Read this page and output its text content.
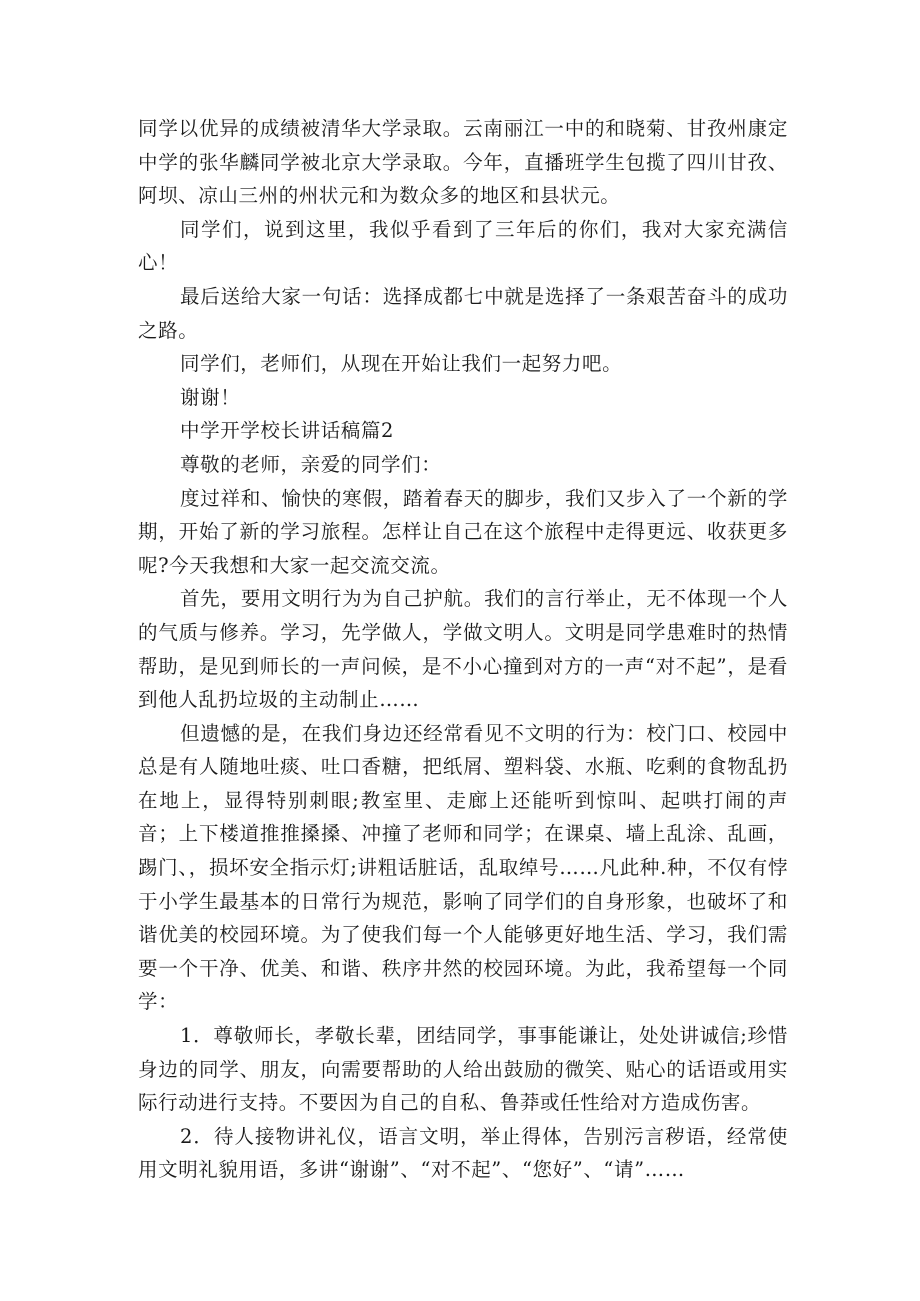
同学以优异的成绩被清华大学录取。云南丽江一中的和晓菊、甘孜州康定中学的张华麟同学被北京大学录取。今年，直播班学生包揽了四川甘孜、阿坝、凉山三州的州状元和为数众多的地区和县状元。

同学们，说到这里，我似乎看到了三年后的你们，我对大家充满信心！

最后送给大家一句话：选择成都七中就是选择了一条艰苦奋斗的成功之路。

同学们，老师们，从现在开始让我们一起努力吧。

谢谢！

中学开学校长讲话稿篇2

尊敬的老师，亲爱的同学们：

度过祥和、愉快的寒假，踏着春天的脚步，我们又步入了一个新的学期，开始了新的学习旅程。怎样让自己在这个旅程中走得更远、收获更多呢?今天我想和大家一起交流交流。

首先，要用文明行为为自己护航。我们的言行举止，无不体现一个人的气质与修养。学习，先学做人，学做文明人。文明是同学患难时的热情帮助，是见到师长的一声问候，是不小心撞到对方的一声“对不起”，是看到他人乱扔垃圾的主动制止……

但遗憾的是，在我们身边还经常看见不文明的行为：校门口、校园中总是有人随地吐痰、吐口香糖，把纸屑、塑料袋、水瓶、吃剩的食物乱扔在地上，显得特别刺眼;教室里、走廊上还能听到惊叫、起哄打闹的声音；上下楼道推推搡搡、冲撞了老师和同学；在课桌、墙上乱涂、乱画，踢门、，损坏安全指示灯;讲粗话脏话，乱取绰号……凡此种.种，不仅有悖于小学生最基本的日常行为规范，影响了同学们的自身形象，也破坏了和谐优美的校园环境。为了使我们每一个人能够更好地生活、学习，我们需要一个干净、优美、和谐、秩序井然的校园环境。为此，我希望每一个同学：

1．尊敬师长，孝敬长辈，团结同学，事事能谦让，处处讲诚信;珍惜身边的同学、朋友，向需要帮助的人给出鼓励的微笑、贴心的话语或用实际行动进行支持。不要因为自己的自私、鲁莽或任性给对方造成伤害。

2．待人接物讲礼仪，语言文明，举止得体，告别污言秽语，经常使用文明礼貌用语，多讲“谢谢”、“对不起”、“您好”、“请”……
